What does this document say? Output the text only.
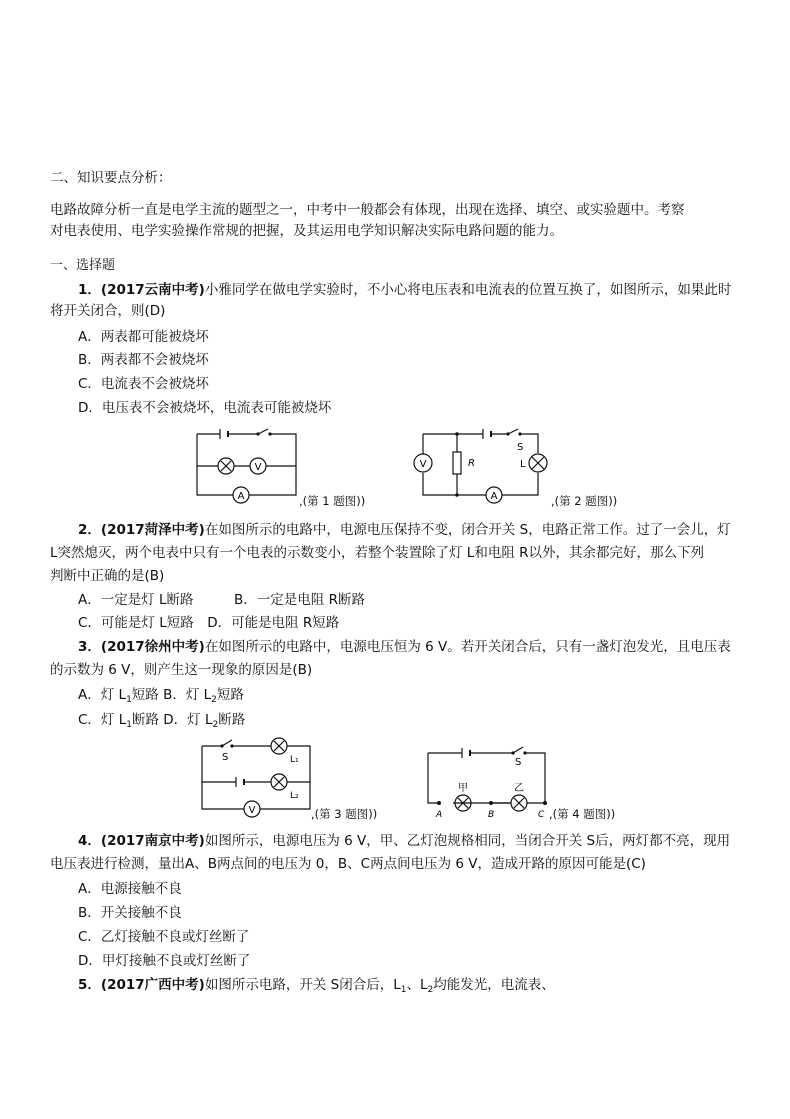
二、知识要点分析：
电路故障分析一直是电学主流的题型之一，中考中一般都会有体现，出现在选择、填空、或实验题中。考察
对电表使用、电学实验操作常规的把握，及其运用电学知识解决实际电路问题的能力。
一、选择题
1．(2017云南中考)小雅同学在做电学实验时，不小心将电压表和电流表的位置互换了，如图所示，如果此时
将开关闭合，则(D)
A．两表都可能被烧坏
B．两表都不会被烧坏
C．电流表不会被烧坏
D．电压表不会被烧坏，电流表可能被烧坏
V
A	,(第 1 题图))
V	R
S
L
A	,(第 2 题图))
2．(2017菏泽中考)在如图所示的电路中，电源电压保持不变，闭合开关 S，电路正常工作。过了一会儿，灯
L突然熄灭，两个电表中只有一个电表的示数变小，若整个装置除了灯 L和电阻 R以外，其余都完好，那么下列
判断中正确的是(B)
A．一定是灯 L断路　　　B．一定是电阻 R断路
C．可能是灯 L短路　D．可能是电阻 R短路
3．(2017徐州中考)在如图所示的电路中，电源电压恒为 6 V。若开关闭合后，只有一盏灯泡发光，且电压表
的示数为 6 V，则产生这一现象的原因是(B)
A．灯 $L_1$短路 B．灯 $L_2$短路
C．灯 $L_1$断路 D．灯 $L_2$断路
S	L₁
L₂
V	,(第 3 题图))
S
甲	乙
A	B	C ,(第 4 题图))
4．(2017南京中考)如图所示，电源电压为 6 V，甲、乙灯泡规格相同，当闭合开关 S后，两灯都不亮，现用
电压表进行检测，量出A、B两点间的电压为 0，B、C两点间电压为 6 V，造成开路的原因可能是(C)
A．电源接触不良
B．开关接触不良
C．乙灯接触不良或灯丝断了
D．甲灯接触不良或灯丝断了
5．(2017广西中考)如图所示电路，开关 S闭合后，$L_1$、$L_2$均能发光，电流表、
